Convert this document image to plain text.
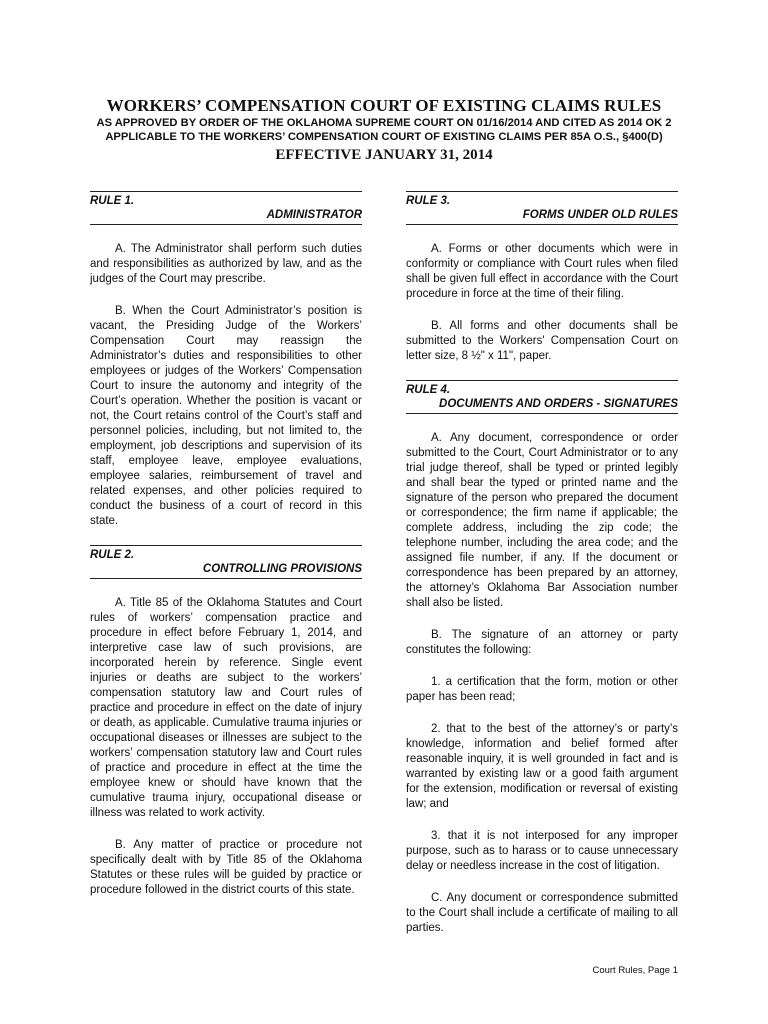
WORKERS’ COMPENSATION COURT OF EXISTING CLAIMS RULES
AS APPROVED BY ORDER OF THE OKLAHOMA SUPREME COURT ON 01/16/2014 AND CITED AS 2014 OK 2
APPLICABLE TO THE WORKERS’ COMPENSATION COURT OF EXISTING CLAIMS PER 85A O.S., §400(D)
EFFECTIVE JANUARY 31, 2014
RULE 1.
ADMINISTRATOR

A. The Administrator shall perform such duties and responsibilities as authorized by law, and as the judges of the Court may prescribe.

B. When the Court Administrator’s position is vacant, the Presiding Judge of the Workers’ Compensation Court may reassign the Administrator’s duties and responsibilities to other employees or judges of the Workers’ Compensation Court to insure the autonomy and integrity of the Court’s operation. Whether the position is vacant or not, the Court retains control of the Court’s staff and personnel policies, including, but not limited to, the employment, job descriptions and supervision of its staff, employee leave, employee evaluations, employee salaries, reimbursement of travel and related expenses, and other policies required to conduct the business of a court of record in this state.

RULE 2.
CONTROLLING PROVISIONS

A. Title 85 of the Oklahoma Statutes and Court rules of workers’ compensation practice and procedure in effect before February 1, 2014, and interpretive case law of such provisions, are incorporated herein by reference. Single event injuries or deaths are subject to the workers’ compensation statutory law and Court rules of practice and procedure in effect on the date of injury or death, as applicable. Cumulative trauma injuries or occupational diseases or illnesses are subject to the workers’ compensation statutory law and Court rules of practice and procedure in effect at the time the employee knew or should have known that the cumulative trauma injury, occupational disease or illness was related to work activity.

B. Any matter of practice or procedure not specifically dealt with by Title 85 of the Oklahoma Statutes or these rules will be guided by practice or procedure followed in the district courts of this state.

RULE 3.
FORMS UNDER OLD RULES

A. Forms or other documents which were in conformity or compliance with Court rules when filed shall be given full effect in accordance with the Court procedure in force at the time of their filing.

B. All forms and other documents shall be submitted to the Workers' Compensation Court on letter size, 8 ½" x 11", paper.

RULE 4.
DOCUMENTS AND ORDERS - SIGNATURES

A. Any document, correspondence or order submitted to the Court, Court Administrator or to any trial judge thereof, shall be typed or printed legibly and shall bear the typed or printed name and the signature of the person who prepared the document or correspondence; the firm name if applicable; the complete address, including the zip code; the telephone number, including the area code; and the assigned file number, if any. If the document or correspondence has been prepared by an attorney, the attorney’s Oklahoma Bar Association number shall also be listed.

B. The signature of an attorney or party constitutes the following:

1. a certification that the form, motion or other paper has been read;

2. that to the best of the attorney’s or party’s knowledge, information and belief formed after reasonable inquiry, it is well grounded in fact and is warranted by existing law or a good faith argument for the extension, modification or reversal of existing law; and

3. that it is not interposed for any improper purpose, such as to harass or to cause unnecessary delay or needless increase in the cost of litigation.

C. Any document or correspondence submitted to the Court shall include a certificate of mailing to all parties.

Court Rules, Page 1
